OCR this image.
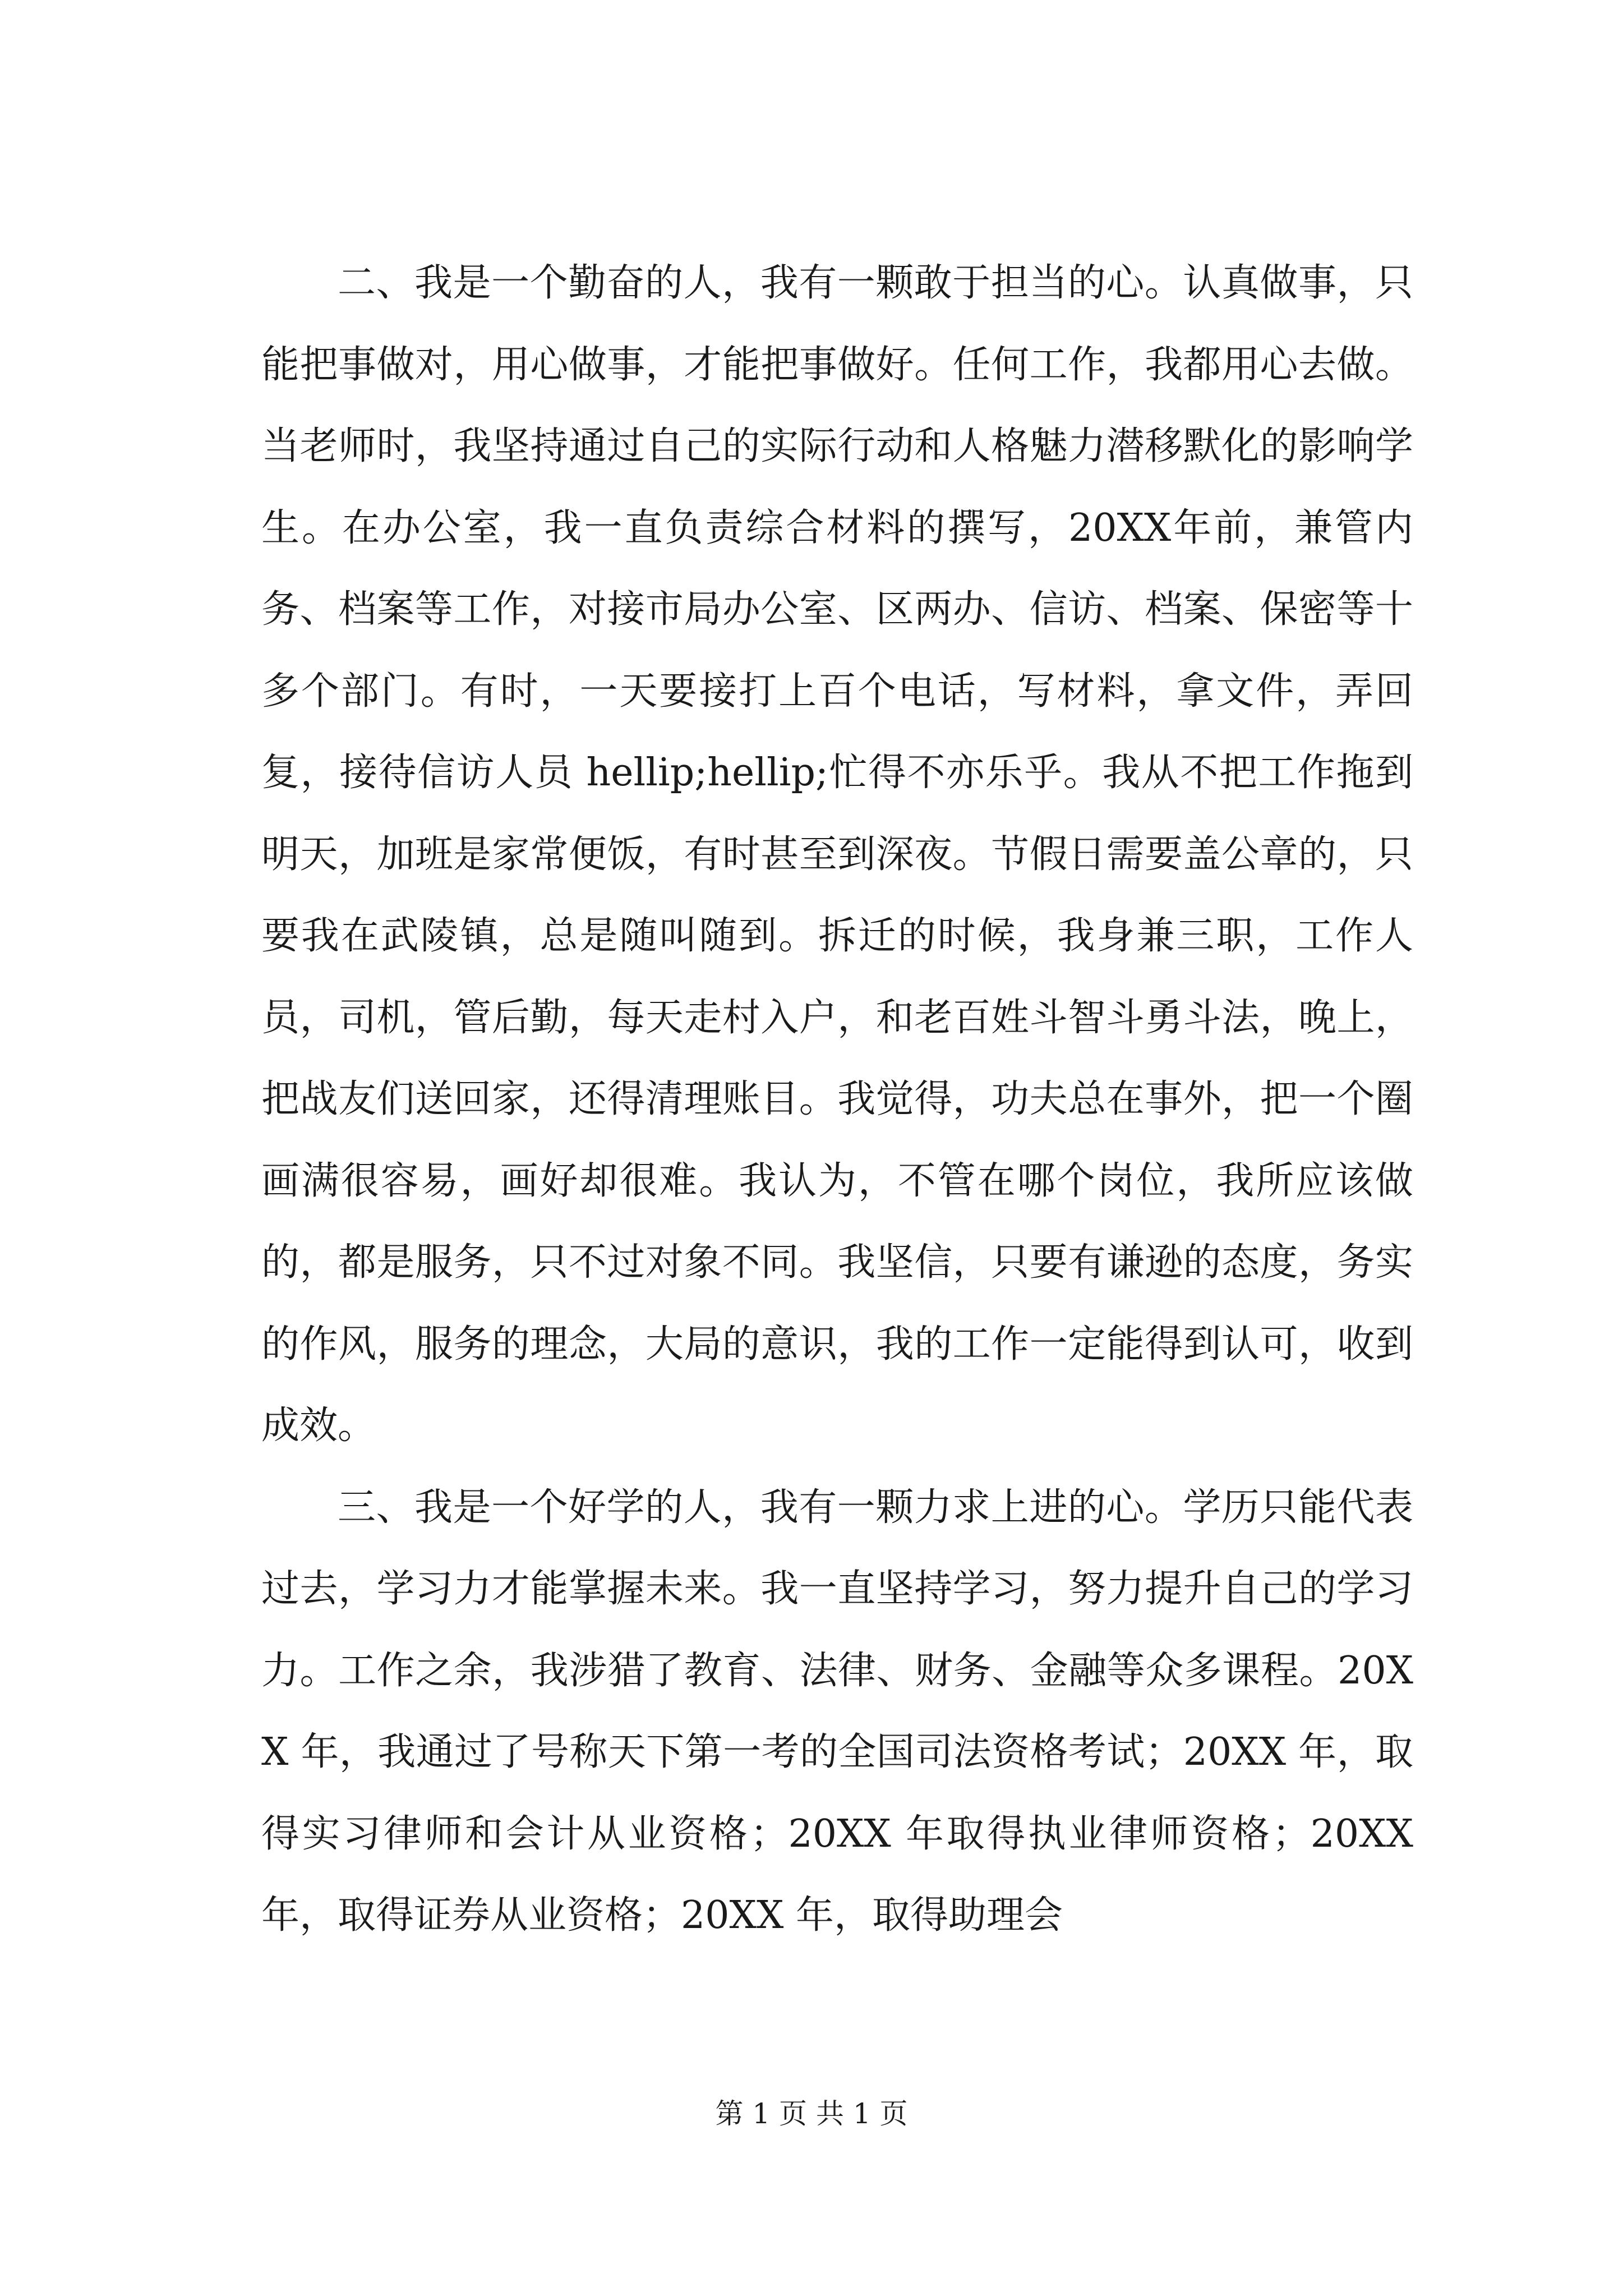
二、我是一个勤奋的人，我有一颗敢于担当的心。认真做事，只能把事做对，用心做事，才能把事做好。任何工作，我都用心去做。当老师时，我坚持通过自己的实际行动和人格魅力潜移默化的影响学生。在办公室，我一直负责综合材料的撰写，20XX年前，兼管内务、档案等工作，对接市局办公室、区两办、信访、档案、保密等十多个部门。有时，一天要接打上百个电话，写材料，拿文件，弄回复，接待信访人员 hellip;hellip;忙得不亦乐乎。我从不把工作拖到明天，加班是家常便饭，有时甚至到深夜。节假日需要盖公章的，只要我在武陵镇，总是随叫随到。拆迁的时候，我身兼三职，工作人员，司机，管后勤，每天走村入户，和老百姓斗智斗勇斗法，晚上，把战友们送回家，还得清理账目。我觉得，功夫总在事外，把一个圈画满很容易，画好却很难。我认为，不管在哪个岗位，我所应该做的，都是服务，只不过对象不同。我坚信，只要有谦逊的态度，务实的作风，服务的理念，大局的意识，我的工作一定能得到认可，收到成效。

三、我是一个好学的人，我有一颗力求上进的心。学历只能代表过去，学习力才能掌握未来。我一直坚持学习，努力提升自己的学习力。工作之余，我涉猎了教育、法律、财务、金融等众多课程。20XX 年，我通过了号称天下第一考的全国司法资格考试；20XX 年，取得实习律师和会计从业资格；20XX 年取得执业律师资格；20XX 年，取得证券从业资格；20XX 年，取得助理会

第 1 页 共 1 页
